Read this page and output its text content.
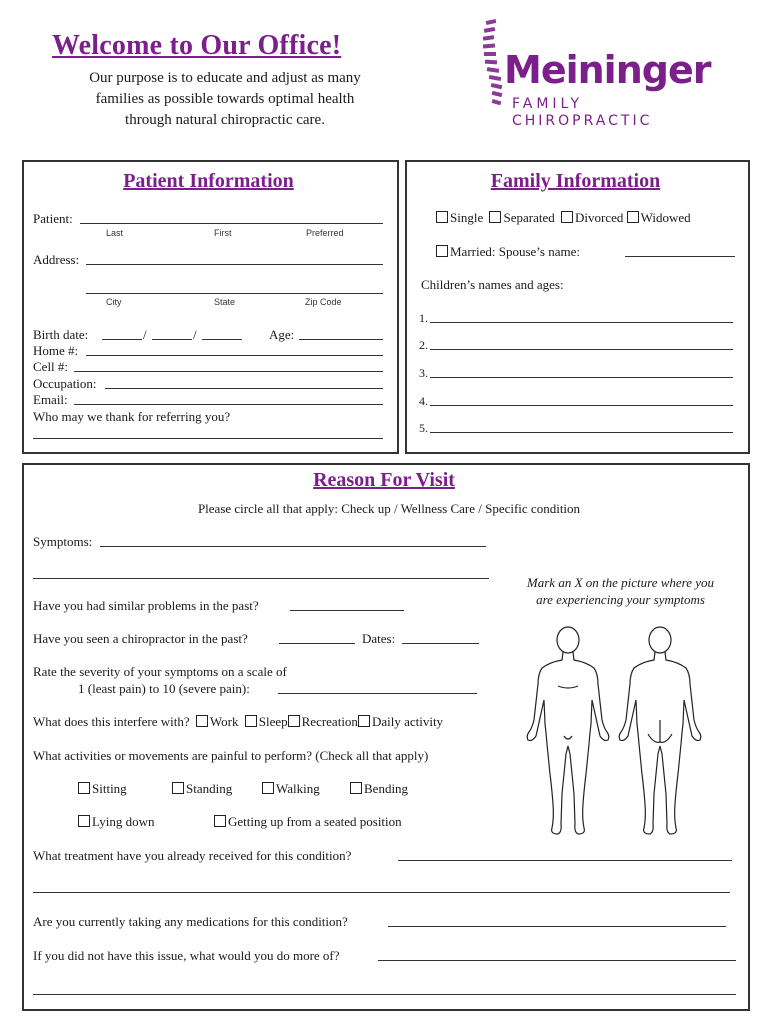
Welcome to Our Office!
Our purpose is to educate and adjust as many
families as possible towards optimal health
through natural chiropractic care.
Meininger
FAMILY
CHIROPRACTIC
Patient Information
Patient:
Last	First	Preferred
Address:
City	State	Zip Code
Birth date:	/	/	Age:
Home #:
Cell #:
Occupation:
Email:
Who may we thank for referring you?
Family Information
Single Separated Divorced Widowed
Married: Spouse’s name:
Children’s names and ages:
1.
2.
3.
4.
5.
Reason For Visit
Please circle all that apply: Check up / Wellness Care / Specific condition
Symptoms:
Have you had similar problems in the past?
Have you seen a chiropractor in the past?	Dates:
Rate the severity of your symptoms on a scale of
1 (least pain) to 10 (severe pain):
What does this interfere with? Work Sleep Recreation Daily activity
What activities or movements are painful to perform? (Check all that apply)
Sitting	Standing	Walking	Bending
Lying down	Getting up from a seated position
Mark an X on the picture where you
are experiencing your symptoms
What treatment have you already received for this condition?
Are you currently taking any medications for this condition?
If you did not have this issue, what would you do more of?
